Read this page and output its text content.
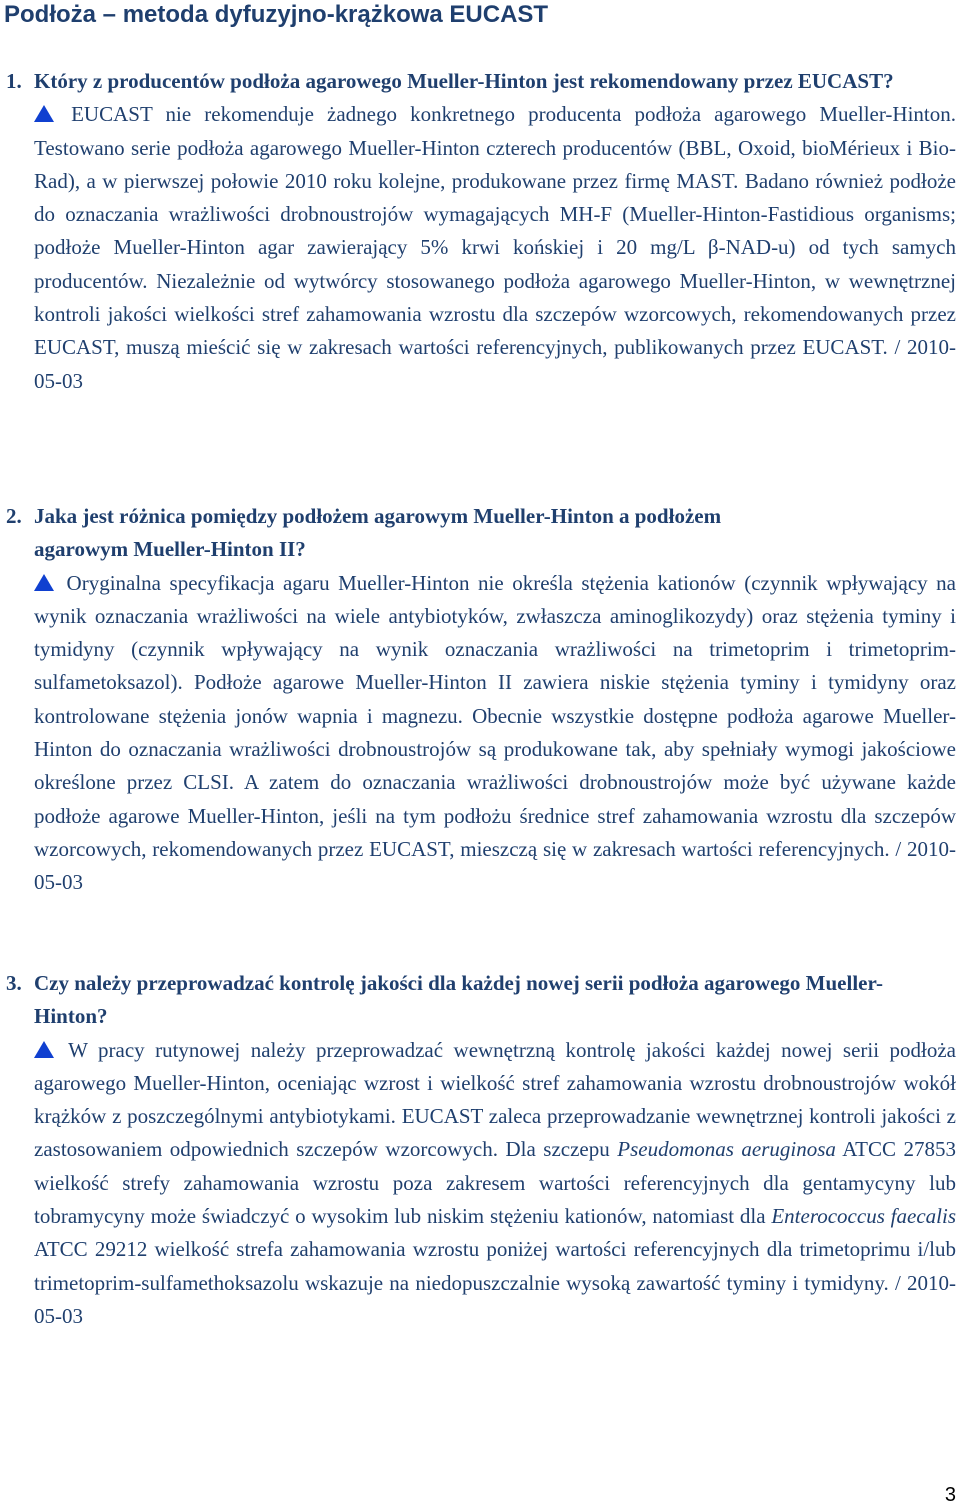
Podłoża – metoda dyfuzyjno-krążkowa EUCAST

1. Który z producentów podłoża agarowego Mueller-Hinton jest rekomendowany przez EUCAST?

EUCAST nie rekomenduje żadnego konkretnego producenta podłoża agarowego Mueller-Hinton. Testowano serie podłoża agarowego Mueller-Hinton czterech producentów (BBL, Oxoid, bioMérieux i Bio-Rad), a w pierwszej połowie 2010 roku kolejne, produkowane przez firmę MAST. Badano również podłoże do oznaczania wrażliwości drobnoustrojów wymagających MH-F (Mueller-Hinton-Fastidious organisms; podłoże Mueller-Hinton agar zawierający 5% krwi końskiej i 20 mg/L β-NAD-u) od tych samych producentów. Niezależnie od wytwórcy stosowanego podłoża agarowego Mueller-Hinton, w wewnętrznej kontroli jakości wielkości stref zahamowania wzrostu dla szczepów wzorcowych, rekomendowanych przez EUCAST, muszą mieścić się w zakresach wartości referencyjnych, publikowanych przez EUCAST. / 2010-05-03

2. Jaka jest różnica pomiędzy podłożem agarowym Mueller-Hinton a podłożem agarowym Mueller-Hinton II?

Oryginalna specyfikacja agaru Mueller-Hinton nie określa stężenia kationów (czynnik wpływający na wynik oznaczania wrażliwości na wiele antybiotyków, zwłaszcza aminoglikozydy) oraz stężenia tyminy i tymidyny (czynnik wpływający na wynik oznaczania wrażliwości na trimetoprim i trimetoprim-sulfametoksazol). Podłoże agarowe Mueller-Hinton II zawiera niskie stężenia tyminy i tymidyny oraz kontrolowane stężenia jonów wapnia i magnezu. Obecnie wszystkie dostępne podłoża agarowe Mueller-Hinton do oznaczania wrażliwości drobnoustrojów są produkowane tak, aby spełniały wymogi jakościowe określone przez CLSI. A zatem do oznaczania wrażliwości drobnoustrojów może być używane każde podłoże agarowe Mueller-Hinton, jeśli na tym podłożu średnice stref zahamowania wzrostu dla szczepów wzorcowych, rekomendowanych przez EUCAST, mieszczą się w zakresach wartości referencyjnych. / 2010-05-03

3. Czy należy przeprowadzać kontrolę jakości dla każdej nowej serii podłoża agarowego Mueller-Hinton?

W pracy rutynowej należy przeprowadzać wewnętrzną kontrolę jakości każdej nowej serii podłoża agarowego Mueller-Hinton, oceniając wzrost i wielkość stref zahamowania wzrostu drobnoustrojów wokół krążków z poszczególnymi antybiotykami. EUCAST zaleca przeprowadzanie wewnętrznej kontroli jakości z zastosowaniem odpowiednich szczepów wzorcowych. Dla szczepu Pseudomonas aeruginosa ATCC 27853 wielkość strefy zahamowania wzrostu poza zakresem wartości referencyjnych dla gentamycyny lub tobramycyny może świadczyć o wysokim lub niskim stężeniu kationów, natomiast dla Enterococcus faecalis ATCC 29212 wielkość strefa zahamowania wzrostu poniżej wartości referencyjnych dla trimetoprimu i/lub trimetoprim-sulfamethoksazolu wskazuje na niedopuszczalnie wysoką zawartość tyminy i tymidyny. / 2010-05-03

3
